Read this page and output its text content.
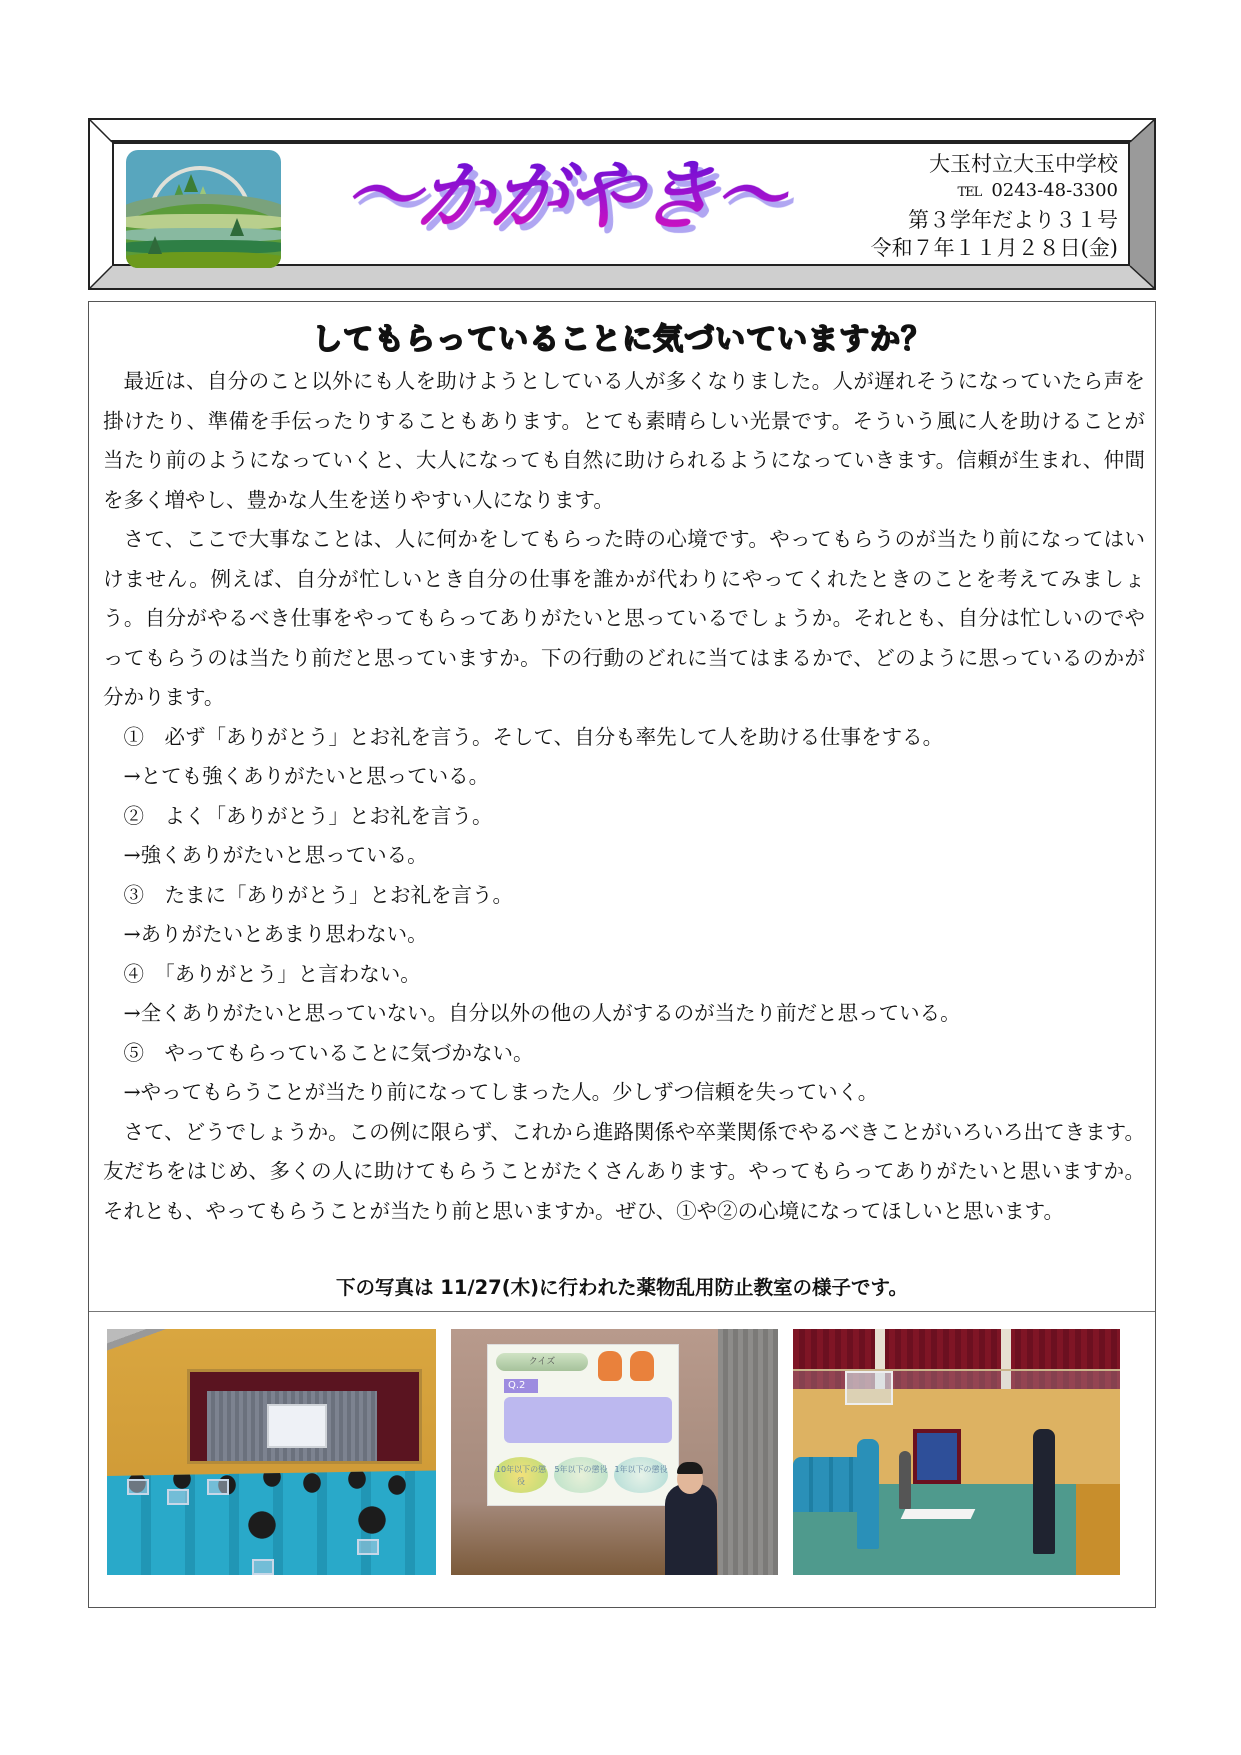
～かがやき～	大玉村立大玉中学校
TEL 0243-48-3300
第３学年だより３１号
令和７年１１月２８日(金)
してもらっていることに気づいていますか？

最近は、自分のこと以外にも人を助けようとしている人が多くなりました。人が遅れそうになっていたら声を掛けたり、準備を手伝ったりすることもあります。とても素晴らしい光景です。そういう風に人を助けることが当たり前のようになっていくと、大人になっても自然に助けられるようになっていきます。信頼が生まれ、仲間を多く増やし、豊かな人生を送りやすい人になります。

さて、ここで大事なことは、人に何かをしてもらった時の心境です。やってもらうのが当たり前になってはいけません。例えば、自分が忙しいとき自分の仕事を誰かが代わりにやってくれたときのことを考えてみましょう。自分がやるべき仕事をやってもらってありがたいと思っているでしょうか。それとも、自分は忙しいのでやってもらうのは当たり前だと思っていますか。下の行動のどれに当てはまるかで、どのように思っているのかが分かります。

①　 必ず「ありがとう」とお礼を言う。そして、自分も率先して人を助ける仕事をする。
→とても強くありがたいと思っている。
②　 よく「ありがとう」とお礼を言う。
→強くありがたいと思っている。
③　 たまに「ありがとう」とお礼を言う。
→ありがたいとあまり思わない。
④　 「ありがとう」と言わない。
→全くありがたいと思っていない。自分以外の他の人がするのが当たり前だと思っている。
⑤　 やってもらっていることに気づかない。
→やってもらうことが当たり前になってしまった人。少しずつ信頼を失っていく。

さて、どうでしょうか。この例に限らず、これから進路関係や卒業関係でやるべきことがいろいろ出てきます。友だちをはじめ、多くの人に助けてもらうことがたくさんあります。やってもらってありがたいと思いますか。それとも、やってもらうことが当たり前と思いますか。ぜひ、①や②の心境になってほしいと思います。

下の写真は 11/27(木)に行われた薬物乱用防止教室の様子です。
クイズ
Q.2
10年以下の懲役
5年以下の懲役 1年以下の懲役
